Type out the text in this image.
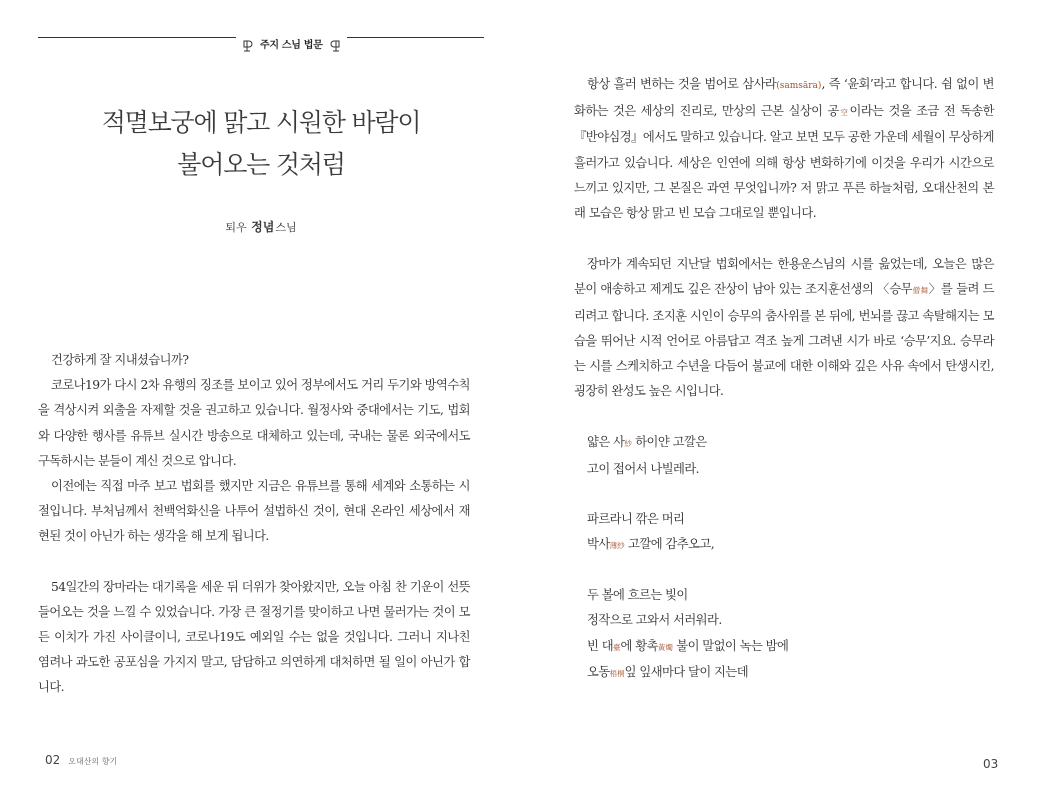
주지 스님 법문
적멸보궁에 맑고 시원한 바람이
불어오는 것처럼
퇴우 정념스님

건강하게 잘 지내셨습니까?

코로나19가 다시 2차 유행의 징조를 보이고 있어 정부에서도 거리 두기와 방역수칙을 격상시켜 외출을 자제할 것을 권고하고 있습니다. 월정사와 중대에서는 기도, 법회와 다양한 행사를 유튜브 실시간 방송으로 대체하고 있는데, 국내는 물론 외국에서도 구독하시는 분들이 계신 것으로 압니다.

이전에는 직접 마주 보고 법회를 했지만 지금은 유튜브를 통해 세계와 소통하는 시절입니다. 부처님께서 천백억화신을 나투어 설법하신 것이, 현대 온라인 세상에서 재현된 것이 아닌가 하는 생각을 해 보게 됩니다.

54일간의 장마라는 대기록을 세운 뒤 더위가 찾아왔지만, 오늘 아침 찬 기운이 선뜻 들어오는 것을 느낄 수 있었습니다. 가장 큰 절정기를 맞이하고 나면 물러가는 것이 모든 이치가 가진 사이클이니, 코로나19도 예외일 수는 없을 것입니다. 그러니 지나친 염려나 과도한 공포심을 가지지 말고, 담담하고 의연하게 대처하면 될 일이 아닌가 합니다.

항상 흘러 변하는 것을 범어로 삼사라(samsāra), 즉 ‘윤회’라고 합니다. 쉼 없이 변화하는 것은 세상의 진리로, 만상의 근본 실상이 공空이라는 것을 조금 전 독송한 『반야심경』에서도 말하고 있습니다. 알고 보면 모두 공한 가운데 세월이 무상하게 흘러가고 있습니다. 세상은 인연에 의해 항상 변화하기에 이것을 우리가 시간으로 느끼고 있지만, 그 본질은 과연 무엇입니까? 저 맑고 푸른 하늘처럼, 오대산천의 본래 모습은 항상 맑고 빈 모습 그대로일 뿐입니다.

장마가 계속되던 지난달 법회에서는 한용운스님의 시를 읊었는데, 오늘은 많은 분이 애송하고 제게도 깊은 잔상이 남아 있는 조지훈선생의 〈승무僧舞〉를 들려 드리려고 합니다. 조지훈 시인이 승무의 춤사위를 본 뒤에, 번뇌를 끊고 속탈해지는 모습을 뛰어난 시적 언어로 아름답고 격조 높게 그려낸 시가 바로 ‘승무’지요. 승무라는 시를 스케치하고 수년을 다듬어 불교에 대한 이해와 깊은 사유 속에서 탄생시킨, 굉장히 완성도 높은 시입니다.

얇은 사紗 하이얀 고깔은

고이 접어서 나빌레라.

파르라니 깎은 머리

박사薄紗 고깔에 감추오고,

두 볼에 흐르는 빛이

정작으로 고와서 서러워라.

빈 대臺에 황촉黃燭 불이 말없이 녹는 밤에

오동梧桐잎 잎새마다 달이 지는데

02 오대산의 향기	03
